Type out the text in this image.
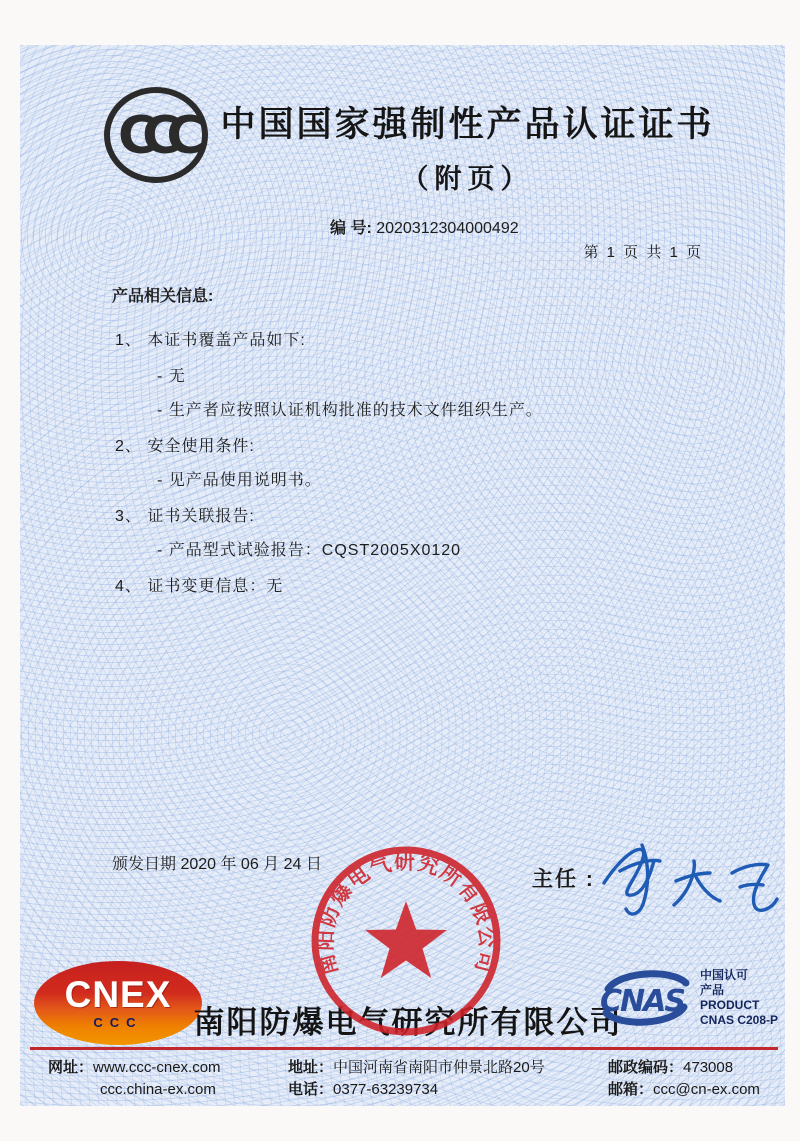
CCC 中国国家强制性产品认证证书
（附页）
编 号: 2020312304000492
第 1 页 共 1 页
产品相关信息:
1、 本证书覆盖产品如下:
- 无
- 生产者应按照认证机构批准的技术文件组织生产。
2、 安全使用条件:
- 见产品使用说明书。
3、 证书关联报告:
- 产品型式试验报告：CQST2005X0120
4、 证书变更信息：无
颁发日期 2020 年 06 月 24 日
主任 :
南阳防爆电气研究所有限公司
CNEX
CCC 南阳防爆电气研究所有限公司
CNAS
中国认可
产品
PRODUCT
CNAS C208-P
网址：www.ccc-cnex.com
ccc.china-ex.com
地址：中国河南省南阳市仲景北路20号
电话：0377-63239734
邮政编码：473008
邮箱：ccc@cn-ex.com
